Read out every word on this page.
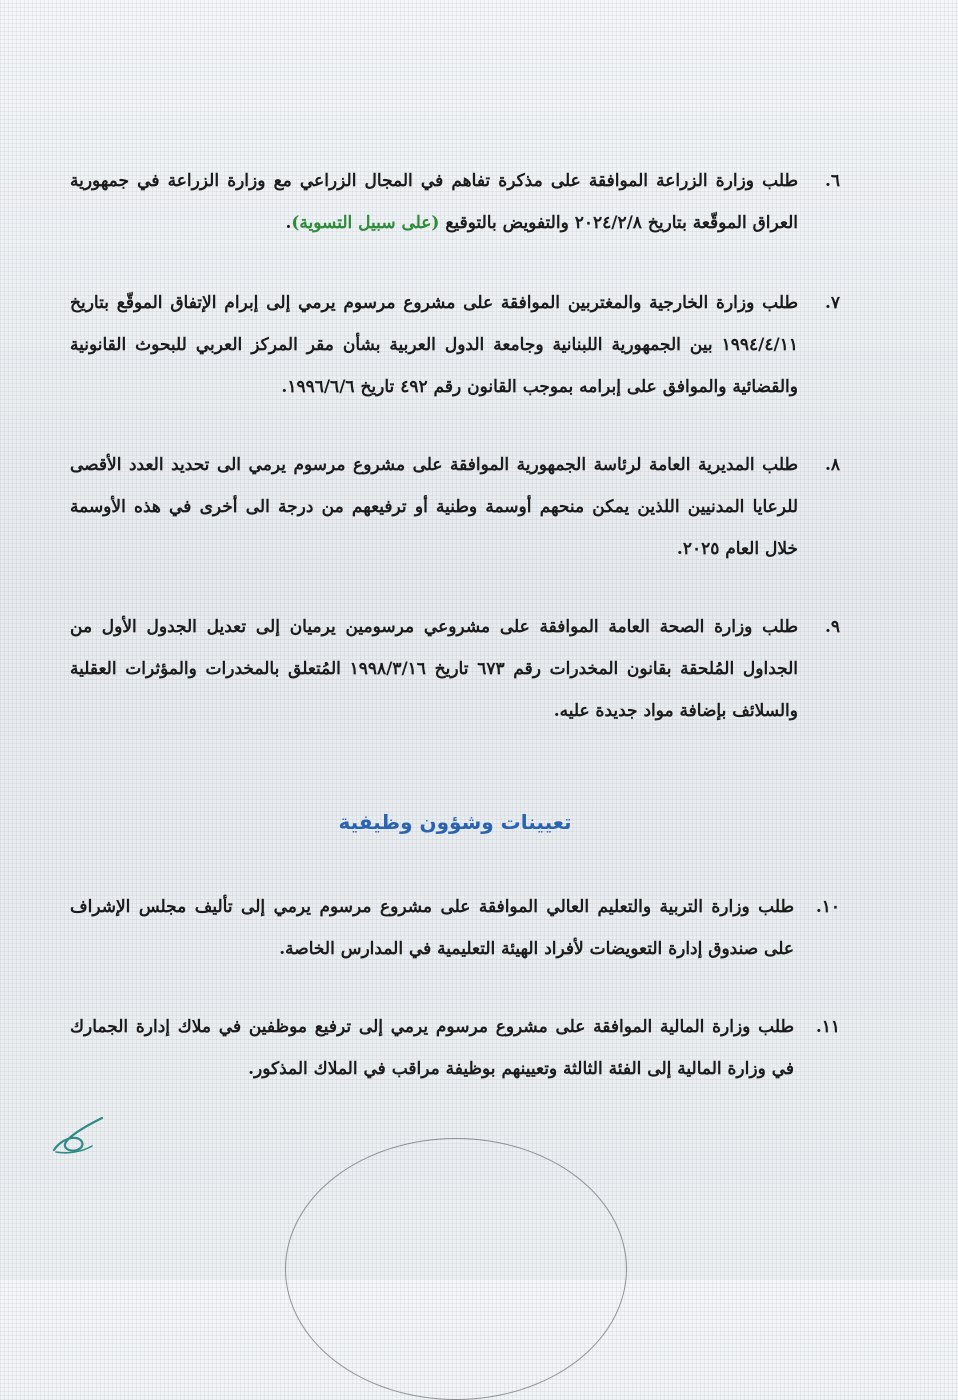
٦.
طلب وزارة الزراعة الموافقة على مذكرة تفاهم في المجال الزراعي مع وزارة الزراعة في جمهورية العراق الموقّعة بتاريخ ٢٠٢٤/٢/٨ والتفويض بالتوقيع (على سبيل التسوية).
٧.
طلب وزارة الخارجية والمغتربين الموافقة على مشروع مرسوم يرمي إلى إبرام الإتفاق الموقّع بتاريخ ١٩٩٤/٤/١١ بين الجمهورية اللبنانية وجامعة الدول العربية بشأن مقر المركز العربي للبحوث القانونية والقضائية والموافق على إبرامه بموجب القانون رقم ٤٩٢ تاريخ ١٩٩٦/٦/٦.
٨.
طلب المديرية العامة لرئاسة الجمهورية الموافقة على مشروع مرسوم يرمي الى تحديد العدد الأقصى للرعايا المدنيين اللذين يمكن منحهم أوسمة وطنية أو ترفيعهم من درجة الى أخرى في هذه الأوسمة خلال العام ٢٠٢٥.
٩.
طلب وزارة الصحة العامة الموافقة على مشروعي مرسومين يرميان إلى تعديل الجدول الأول من الجداول المُلحقة بقانون المخدرات رقم ٦٧٣ تاريخ ١٩٩٨/٣/١٦ المُتعلق بالمخدرات والمؤثرات العقلية والسلائف بإضافة مواد جديدة عليه.
تعيينات وشؤون وظيفية
١٠.
طلب وزارة التربية والتعليم العالي الموافقة على مشروع مرسوم يرمي إلى تأليف مجلس الإشراف على صندوق إدارة التعويضات لأفراد الهيئة التعليمية في المدارس الخاصة.
١١.
طلب وزارة المالية الموافقة على مشروع مرسوم يرمي إلى ترفيع موظفين في ملاك إدارة الجمارك في وزارة المالية إلى الفئة الثالثة وتعيينهم بوظيفة مراقب في الملاك المذكور.
